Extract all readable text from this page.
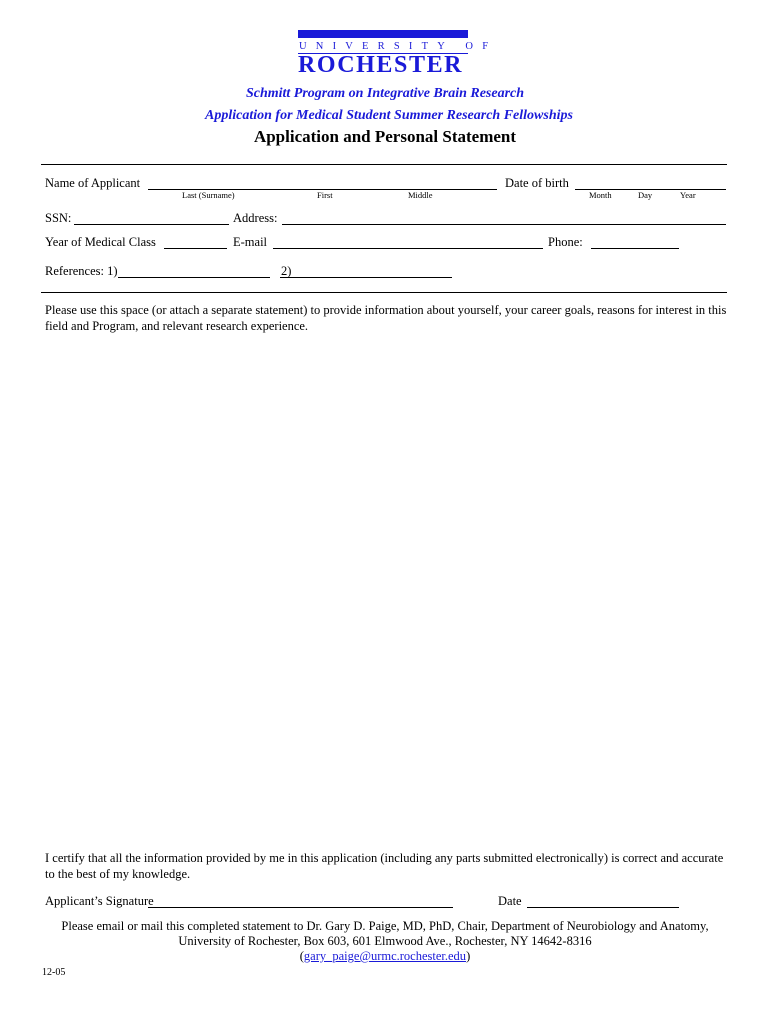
UNIVERSITY OF
ROCHESTER
Schmitt Program on Integrative Brain Research
Application for Medical Student Summer Research Fellowships
Application and Personal Statement
Name of Applicant
Last (Surname)	First	Middle
Date of birth
Month	Day	Year
SSN:	Address:
Year of Medical Class	E-mail	Phone:
References: 1)	2)
Please use this space (or attach a separate statement) to provide information about yourself, your career goals, reasons for interest in this field and Program, and relevant research experience.
I certify that all the information provided by me in this application (including any parts submitted electronically) is correct and accurate to the best of my knowledge.
Applicant’s Signature	Date
Please email or mail this completed statement to Dr. Gary D. Paige, MD, PhD, Chair, Department of Neurobiology and Anatomy,
University of Rochester, Box 603, 601 Elmwood Ave., Rochester, NY 14642-8316
(gary_paige@urmc.rochester.edu)
12-05
